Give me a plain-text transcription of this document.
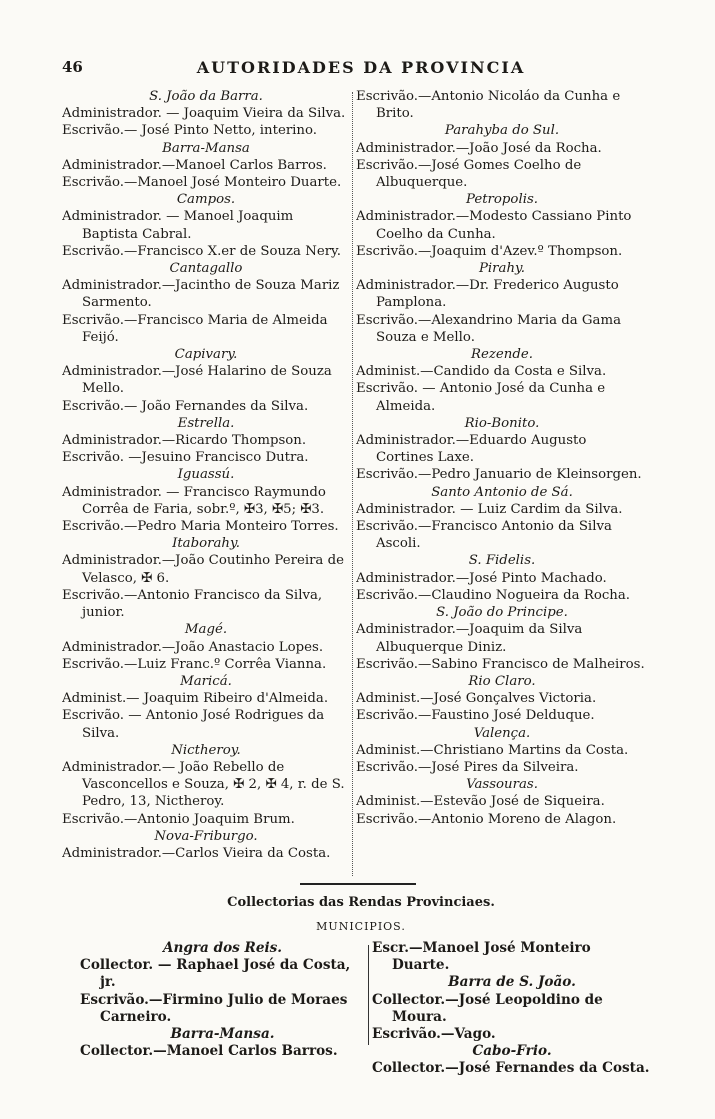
46	AUTORIDADES DA PROVINCIA
S. João da Barra.
Administrador. — Joaquim Vieira da Silva.
Escrivão.— José Pinto Netto, interino.
Barra-Mansa
Administrador.—Manoel Carlos Barros.
Escrivão.—Manoel José Monteiro Duarte.
Campos.
Administrador. — Manoel Joaquim Baptista Cabral.
Escrivão.—Francisco X.er de Souza Nery.
Cantagallo
Administrador.—Jacintho de Souza Mariz Sarmento.
Escrivão.—Francisco Maria de Almeida Feijó.
Capivary.
Administrador.—José Halarino de Souza Mello.
Escrivão.— João Fernandes da Silva.
Estrella.
Administrador.—Ricardo Thompson.
Escrivão. —Jesuino Francisco Dutra.
Iguassú.
Administrador. — Francisco Raymundo Corrêa de Faria, sobr.º, ✠3, ✠5; ✠3.
Escrivão.—Pedro Maria Monteiro Torres.
Itaborahy.
Administrador.—João Coutinho Pereira de Velasco, ✠ 6.
Escrivão.—Antonio Francisco da Silva, junior.
Magé.
Administrador.—João Anastacio Lopes.
Escrivão.—Luiz Franc.º Corrêa Vianna.
Maricá.
Administ.— Joaquim Ribeiro d'Almeida.
Escrivão. — Antonio José Rodrigues da Silva.
Nictheroy.
Administrador.— João Rebello de Vasconcellos e Souza, ✠ 2, ✠ 4, r. de S. Pedro, 13, Nictheroy.
Escrivão.—Antonio Joaquim Brum.
Nova-Friburgo.
Administrador.—Carlos Vieira da Costa.
Escrivão.—Antonio Nicoláo da Cunha e Brito.
Parahyba do Sul.
Administrador.—João José da Rocha.
Escrivão.—José Gomes Coelho de Albuquerque.
Petropolis.
Administrador.—Modesto Cassiano Pinto Coelho da Cunha.
Escrivão.—Joaquim d'Azev.º Thompson.
Pirahy.
Administrador.—Dr. Frederico Augusto Pamplona.
Escrivão.—Alexandrino Maria da Gama Souza e Mello.
Rezende.
Administ.—Candido da Costa e Silva.
Escrivão. — Antonio José da Cunha e Almeida.
Rio-Bonito.
Administrador.—Eduardo Augusto Cortines Laxe.
Escrivão.—Pedro Januario de Kleinsorgen.
Santo Antonio de Sá.
Administrador. — Luiz Cardim da Silva.
Escrivão.—Francisco Antonio da Silva Ascoli.
S. Fidelis.
Administrador.—José Pinto Machado.
Escrivão.—Claudino Nogueira da Rocha.
S. João do Principe.
Administrador.—Joaquim da Silva Albuquerque Diniz.
Escrivão.—Sabino Francisco de Malheiros.
Rio Claro.
Administ.—José Gonçalves Victoria.
Escrivão.—Faustino José Delduque.
Valença.
Administ.—Christiano Martins da Costa.
Escrivão.—José Pires da Silveira.
Vassouras.
Administ.—Estevão José de Siqueira.
Escrivão.—Antonio Moreno de Alagon.
Collectorias das Rendas Provinciaes.
MUNICIPIOS.
Angra dos Reis.
Collector. — Raphael José da Costa, jr.
Escrivão.—Firmino Julio de Moraes Carneiro.
Barra-Mansa.
Collector.—Manoel Carlos Barros.
Escr.—Manoel José Monteiro Duarte.
Barra de S. João.
Collector.—José Leopoldino de Moura.
Escrivão.—Vago.
Cabo-Frio.
Collector.—José Fernandes da Costa.
